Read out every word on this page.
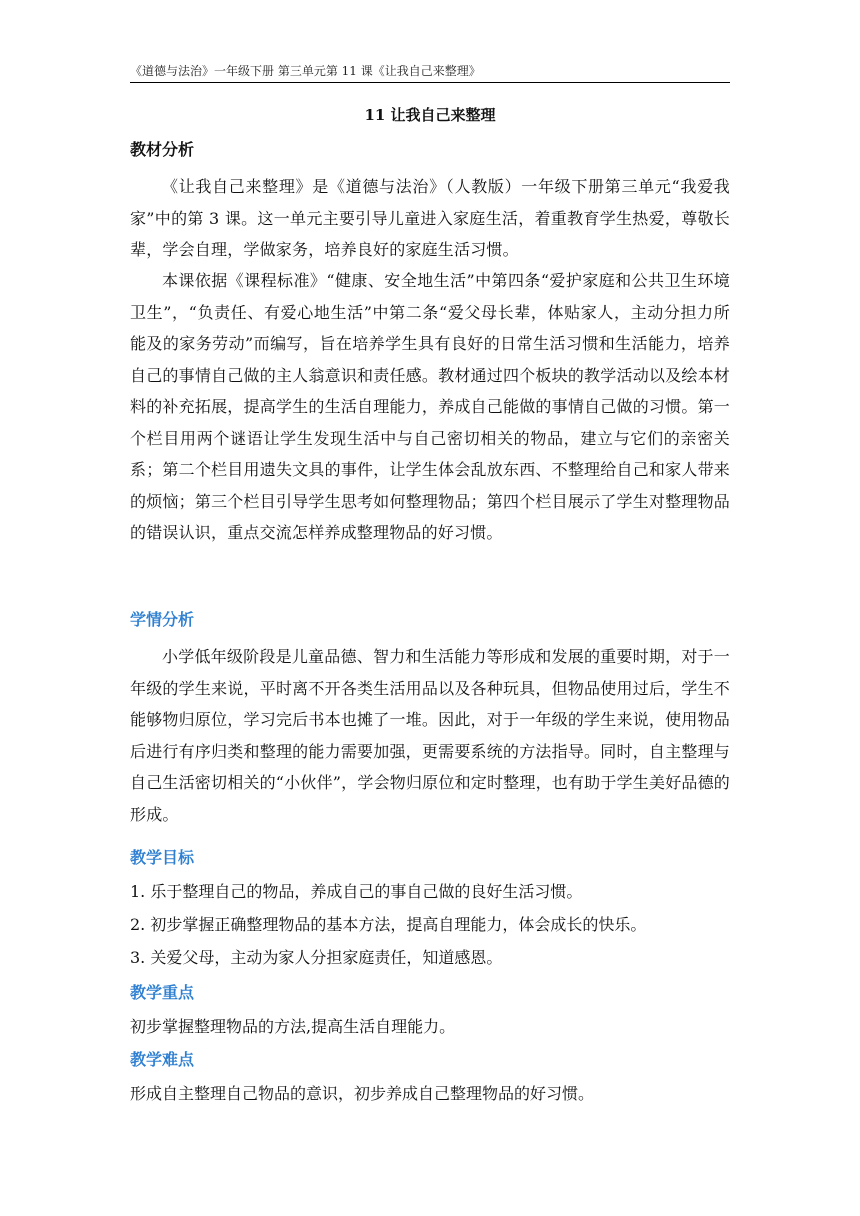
《道德与法治》一年级下册 第三单元第 11 课《让我自己来整理》
11 让我自己来整理
教材分析
《让我自己来整理》是《道德与法治》（人教版）一年级下册第三单元“我爱我家”中的第 3 课。这一单元主要引导儿童进入家庭生活，着重教育学生热爱，尊敬长辈，学会自理，学做家务，培养良好的家庭生活习惯。
本课依据《课程标准》“健康、安全地生活”中第四条“爱护家庭和公共卫生环境卫生”，“负责任、有爱心地生活”中第二条“爱父母长辈，体贴家人，主动分担力所能及的家务劳动”而编写，旨在培养学生具有良好的日常生活习惯和生活能力，培养自己的事情自己做的主人翁意识和责任感。教材通过四个板块的教学活动以及绘本材料的补充拓展，提高学生的生活自理能力，养成自己能做的事情自己做的习惯。第一个栏目用两个谜语让学生发现生活中与自己密切相关的物品，建立与它们的亲密关系；第二个栏目用遗失文具的事件，让学生体会乱放东西、不整理给自己和家人带来的烦恼；第三个栏目引导学生思考如何整理物品；第四个栏目展示了学生对整理物品的错误认识，重点交流怎样养成整理物品的好习惯。
学情分析
小学低年级阶段是儿童品德、智力和生活能力等形成和发展的重要时期，对于一年级的学生来说，平时离不开各类生活用品以及各种玩具，但物品使用过后，学生不能够物归原位，学习完后书本也摊了一堆。因此，对于一年级的学生来说，使用物品后进行有序归类和整理的能力需要加强，更需要系统的方法指导。同时，自主整理与自己生活密切相关的“小伙伴”，学会物归原位和定时整理，也有助于学生美好品德的形成。
教学目标
1. 乐于整理自己的物品，养成自己的事自己做的良好生活习惯。
2. 初步掌握正确整理物品的基本方法，提高自理能力，体会成长的快乐。
3. 关爱父母，主动为家人分担家庭责任，知道感恩。
教学重点
初步掌握整理物品的方法,提高生活自理能力。
教学难点
形成自主整理自己物品的意识，初步养成自己整理物品的好习惯。
